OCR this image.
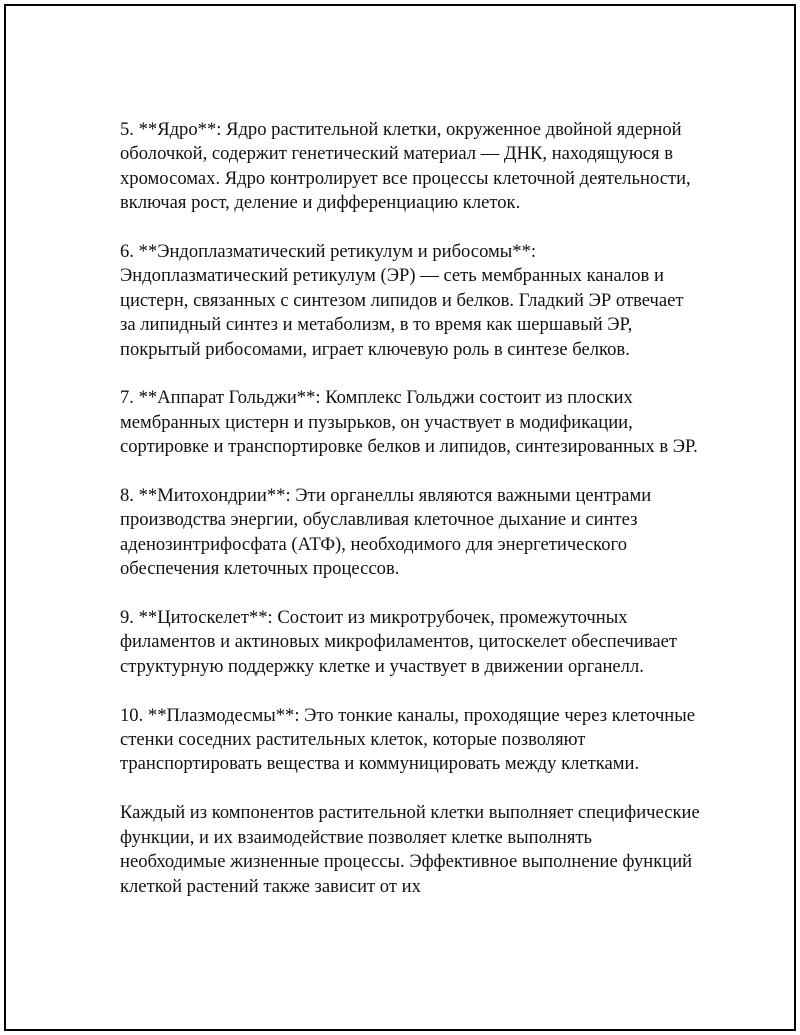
5. **Ядро**: Ядро растительной клетки, окруженное двойной ядерной оболочкой, содержит генетический материал — ДНК, находящуюся в хромосомах. Ядро контролирует все процессы клеточной деятельности, включая рост, деление и дифференциацию клеток.

6. **Эндоплазматический ретикулум и рибосомы**: Эндоплазматический ретикулум (ЭР) — сеть мембранных каналов и цистерн, связанных с синтезом липидов и белков. Гладкий ЭР отвечает за липидный синтез и метаболизм, в то время как шершавый ЭР, покрытый рибосомами, играет ключевую роль в синтезе белков.

7. **Аппарат Гольджи**: Комплекс Гольджи состоит из плоских мембранных цистерн и пузырьков, он участвует в модификации, сортировке и транспортировке белков и липидов, синтезированных в ЭР.

8. **Митохондрии**: Эти органеллы являются важными центрами производства энергии, обуславливая клеточное дыхание и синтез аденозинтрифосфата (АТФ), необходимого для энергетического обеспечения клеточных процессов.

9. **Цитоскелет**: Состоит из микротрубочек, промежуточных филаментов и актиновых микрофиламентов, цитоскелет обеспечивает структурную поддержку клетке и участвует в движении органелл.

10. **Плазмодесмы**: Это тонкие каналы, проходящие через клеточные стенки соседних растительных клеток, которые позволяют транспортировать вещества и коммуницировать между клетками.

Каждый из компонентов растительной клетки выполняет специфические функции, и их взаимодействие позволяет клетке выполнять необходимые жизненные процессы. Эффективное выполнение функций клеткой растений также зависит от их
